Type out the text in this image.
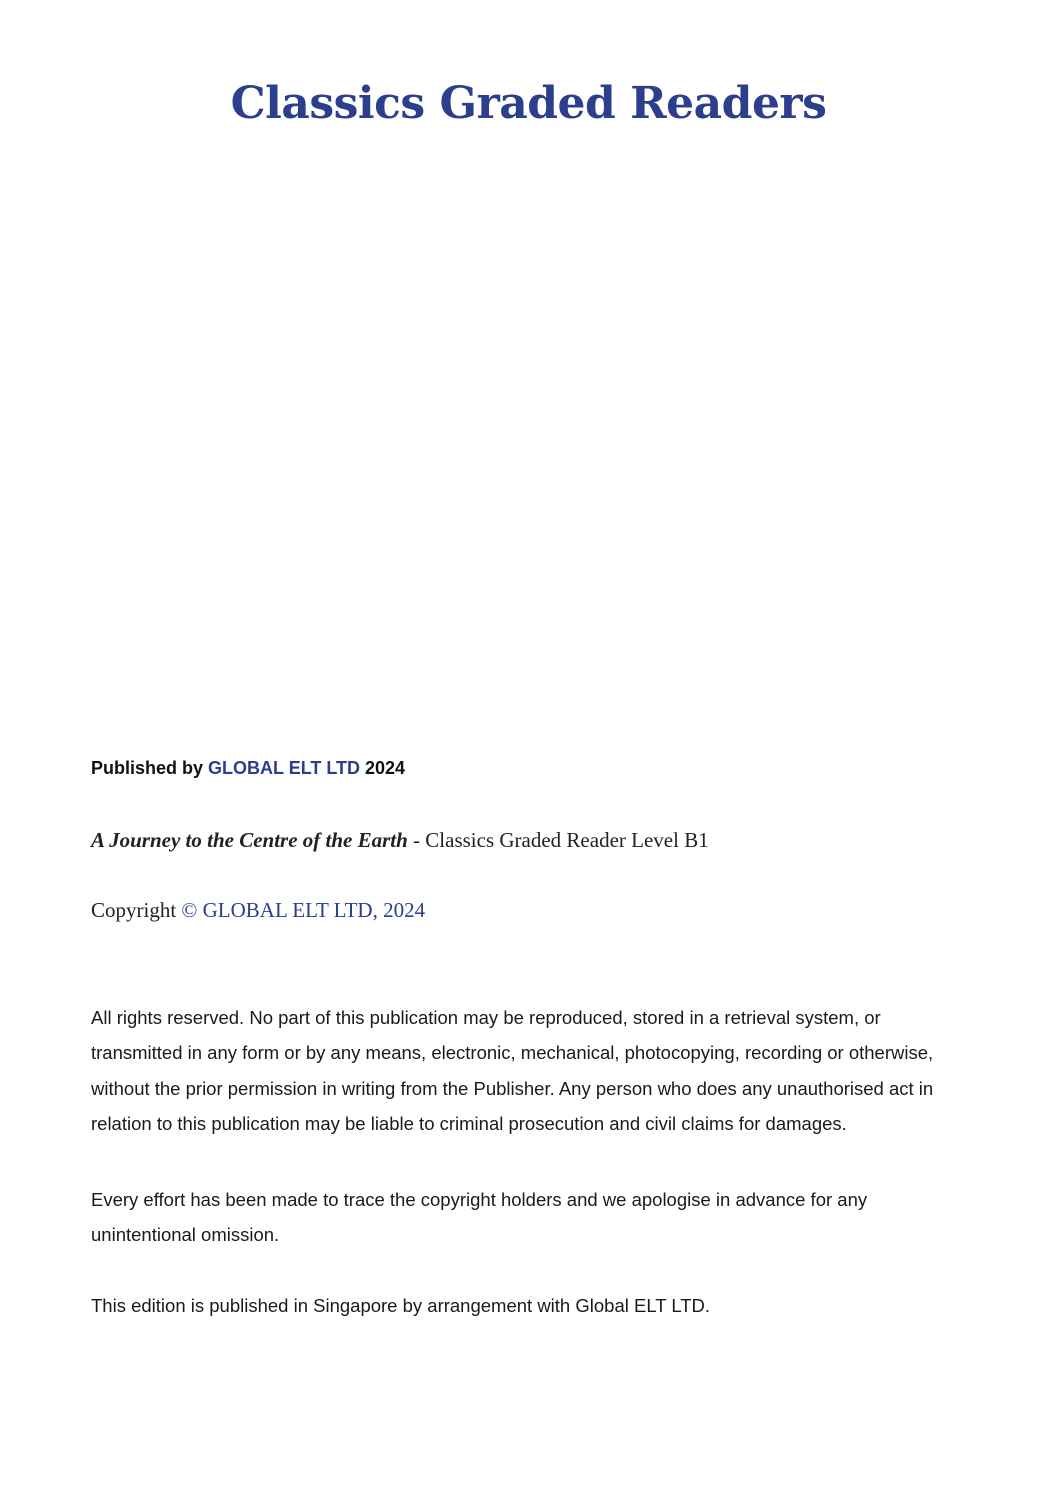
Classics Graded Readers
Published by GLOBAL ELT LTD 2024
A Journey to the Centre of the Earth - Classics Graded Reader Level B1
Copyright © GLOBAL ELT LTD, 2024

All rights reserved. No part of this publication may be reproduced, stored in a retrieval system, or transmitted in any form or by any means, electronic, mechanical, photocopying, recording or otherwise, without the prior permission in writing from the Publisher. Any person who does any unauthorised act in relation to this publication may be liable to criminal prosecution and civil claims for damages.

Every effort has been made to trace the copyright holders and we apologise in advance for any unintentional omission.

This edition is published in Singapore by arrangement with Global ELT LTD.
